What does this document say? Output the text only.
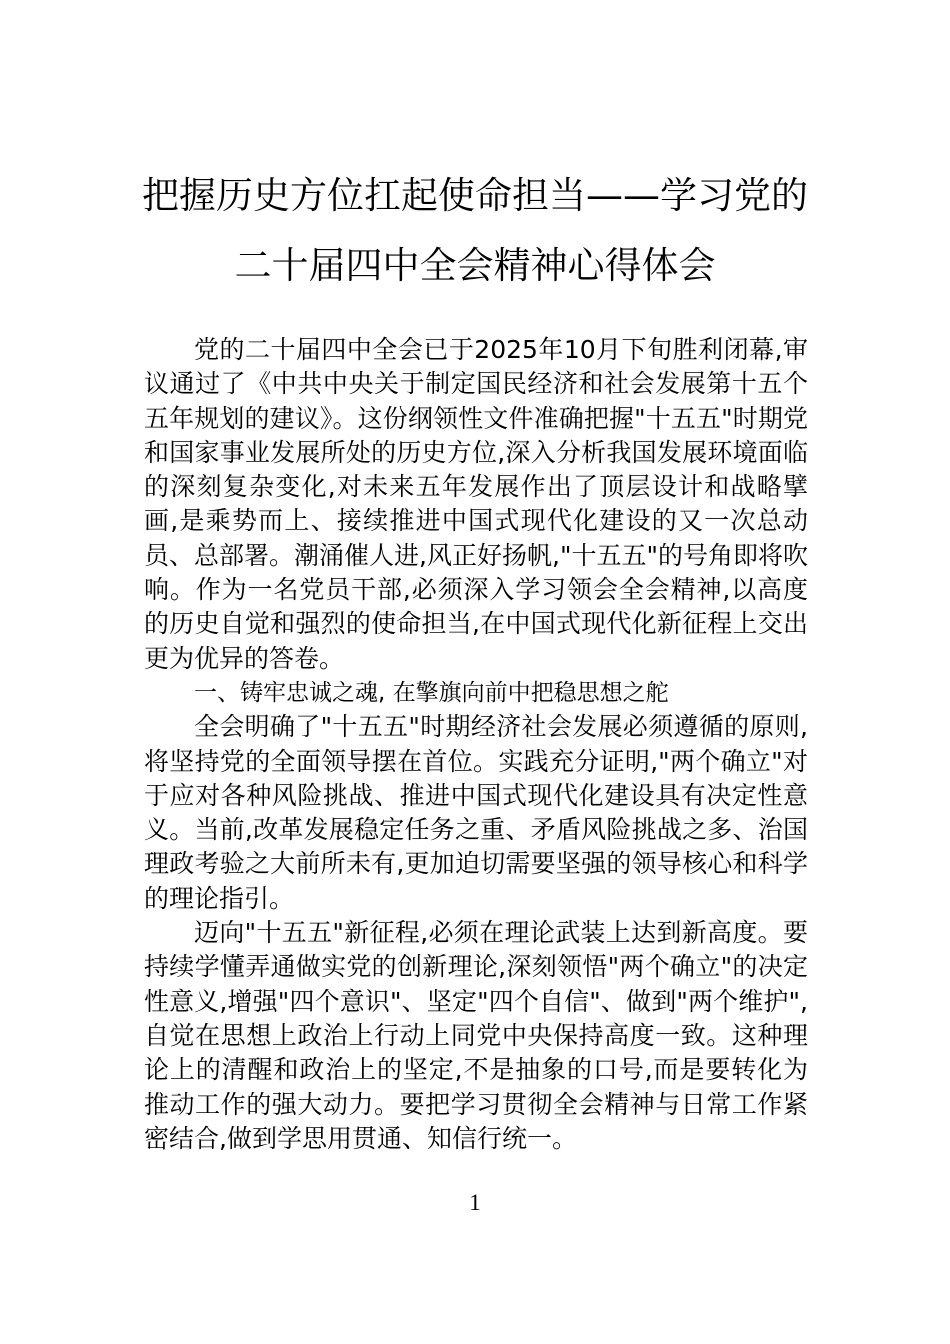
把握历史方位扛起使命担当——学习党的
二十届四中全会精神心得体会

党的二十届四中全会已于2025年10月下旬胜利闭幕,审议通过了《中共中央关于制定国民经济和社会发展第十五个五年规划的建议》。这份纲领性文件准确把握"十五五"时期党和国家事业发展所处的历史方位,深入分析我国发展环境面临的深刻复杂变化,对未来五年发展作出了顶层设计和战略擘画,是乘势而上、接续推进中国式现代化建设的又一次总动员、总部署。潮涌催人进,风正好扬帆,"十五五"的号角即将吹响。作为一名党员干部,必须深入学习领会全会精神,以高度的历史自觉和强烈的使命担当,在中国式现代化新征程上交出更为优异的答卷。

一、铸牢忠诚之魂, 在擎旗向前中把稳思想之舵

全会明确了"十五五"时期经济社会发展必须遵循的原则,将坚持党的全面领导摆在首位。实践充分证明,"两个确立"对于应对各种风险挑战、推进中国式现代化建设具有决定性意义。当前,改革发展稳定任务之重、矛盾风险挑战之多、治国理政考验之大前所未有,更加迫切需要坚强的领导核心和科学的理论指引。

迈向"十五五"新征程,必须在理论武装上达到新高度。要持续学懂弄通做实党的创新理论,深刻领悟"两个确立"的决定性意义,增强"四个意识"、坚定"四个自信"、做到"两个维护",自觉在思想上政治上行动上同党中央保持高度一致。这种理论上的清醒和政治上的坚定,不是抽象的口号,而是要转化为推动工作的强大动力。要把学习贯彻全会精神与日常工作紧密结合,做到学思用贯通、知信行统一。

1
